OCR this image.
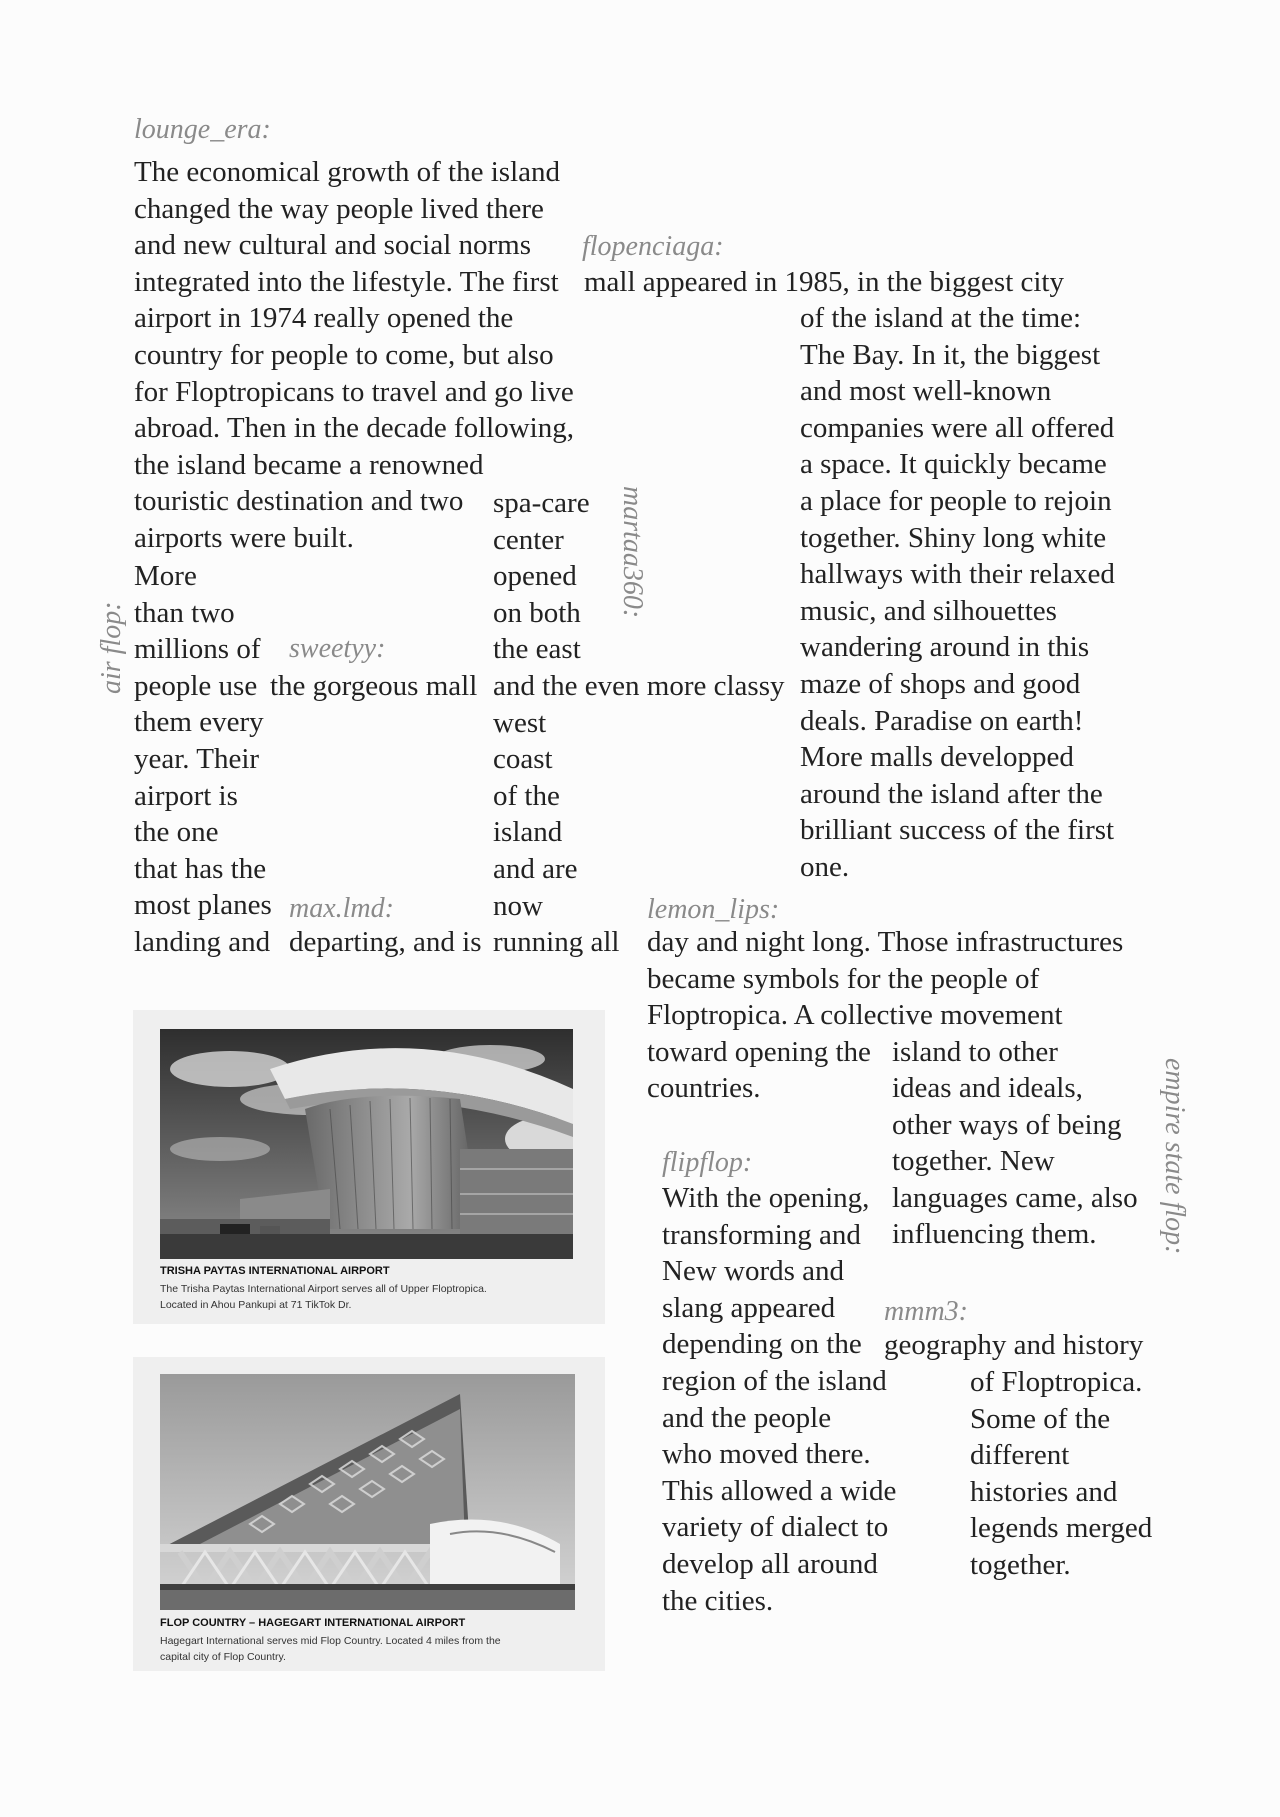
lounge_era:
The economical growth of the island
changed the way people lived there
and new cultural and social norms
integrated into the lifestyle. The first
airport in 1974 really opened the
country for people to come, but also
for Floptropicans to travel and go live
abroad. Then in the decade following,
the island became a renowned
touristic destination and two
airports were built.
flopenciaga:
mall appeared in 1985, in the biggest city
of the island at the time:
The Bay. In it, the biggest
and most well-known
companies were all offered
a space. It quickly became
a place for people to rejoin
together. Shiny long white
hallways with their relaxed
music, and silhouettes
wandering around in this
maze of shops and good
deals. Paradise on earth!
More malls developped
around the island after the
brilliant success of the first
one.
air flop:
More
than two
millions of
people use
them every
year. Their
airport is
the one
that has the
most planes
landing and
sweetyy:
the gorgeous mall
martaa360:
spa-care
center
opened
on both
the east
and the even more classy
west
coast
of the
island
and are
now
running all
max.lmd:
departing, and is
lemon_lips:
day and night long. Those infrastructures
became symbols for the people of
Floptropica. A collective movement
toward opening the
countries.	empire state flop:
island to other
ideas and ideals,
other ways of being
together. New
languages came, also
influencing them.
flipflop:
With the opening,
transforming and
New words and
slang appeared
depending on the
region of the island
and the people
who moved there.
This allowed a wide
variety of dialect to
develop all around
the cities.
mmm3:
geography and history
of Floptropica.
Some of the
different
histories and
legends merged
together.
TRISHA PAYTAS INTERNATIONAL AIRPORT
The Trisha Paytas International Airport serves all of Upper Floptropica.
Located in Ahou Pankupi at 71 TikTok Dr.
FLOP COUNTRY – HAGEGART INTERNATIONAL AIRPORT
Hagegart International serves mid Flop Country. Located 4 miles from the
capital city of Flop Country.
